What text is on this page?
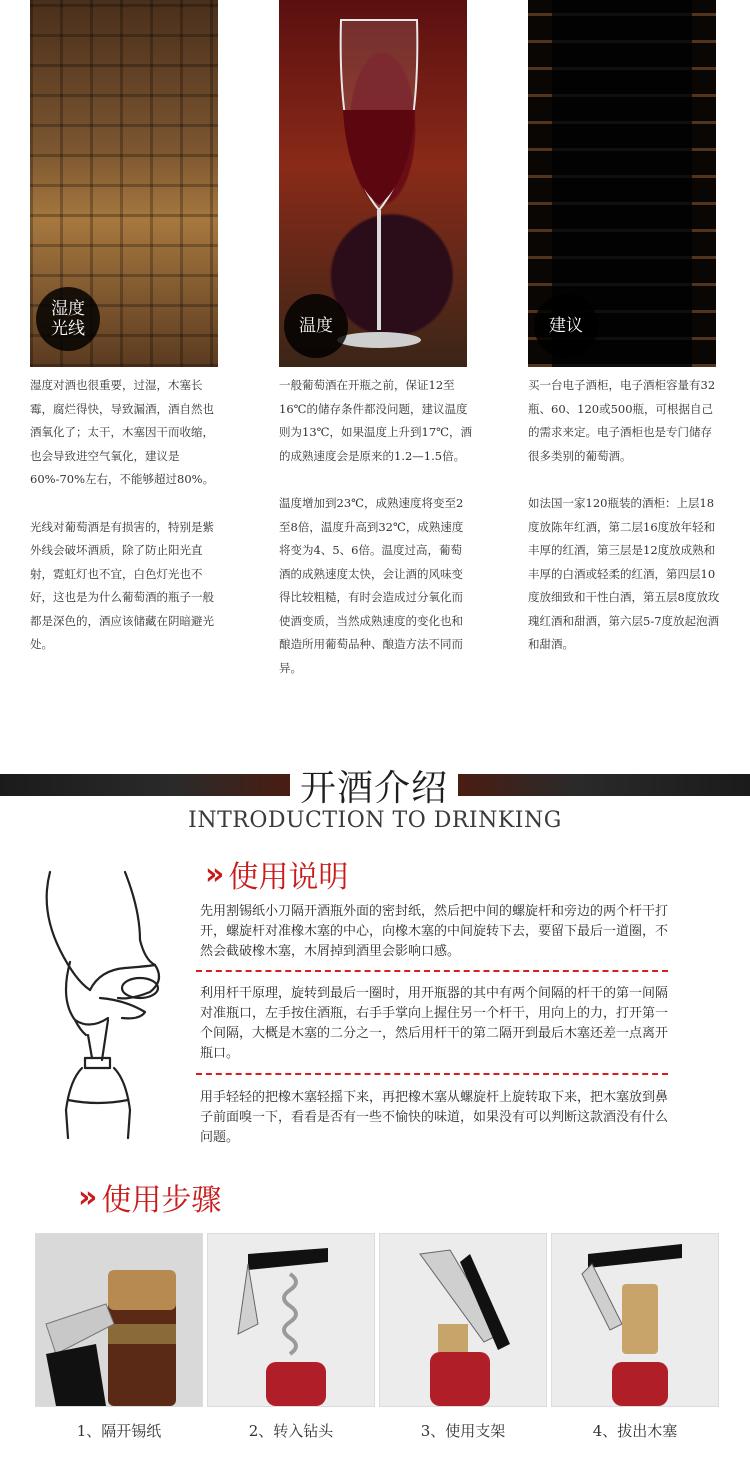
湿度
光线	温度	建议

湿度对酒也很重要，过湿，木塞长霉，腐烂得快，导致漏酒，酒自然也酒氧化了；太干，木塞因干而收缩，也会导致进空气氧化，建议是60%-70%左右，不能够超过80%。

光线对葡萄酒是有损害的，特别是紫外线会破坏酒质，除了防止阳光直射，霓虹灯也不宜，白色灯光也不好，这也是为什么葡萄酒的瓶子一般都是深色的，酒应该储藏在阴暗避光处。

一般葡萄酒在开瓶之前，保证12至16℃的储存条件都没问题，建议温度则为13℃，如果温度上升到17℃，酒的成熟速度会是原来的1.2—1.5倍。

温度增加到23℃，成熟速度将变至2至8倍，温度升高到32℃，成熟速度将变为4、5、6倍。温度过高，葡萄酒的成熟速度太快，会让酒的风味变得比较粗糙，有时会造成过分氧化而使酒变质，当然成熟速度的变化也和酿造所用葡萄品种、酿造方法不同而异。

买一台电子酒柜，电子酒柜容量有32瓶、60、120或500瓶，可根据自己的需求来定。电子酒柜也是专门储存很多类别的葡萄酒。

如法国一家120瓶装的酒柜：上层18度放陈年红酒，第二层16度放年轻和丰厚的红酒，第三层是12度放成熟和丰厚的白酒或轻柔的红酒，第四层10度放细致和干性白酒，第五层8度放玫瑰红酒和甜酒，第六层5-7度放起泡酒和甜酒。

开酒介绍
INTRODUCTION TO DRINKING
» 使用说明
先用割锡纸小刀隔开酒瓶外面的密封纸，然后把中间的螺旋杆和旁边的两个杆干打开，螺旋杆对准橡木塞的中心，向橡木塞的中间旋转下去，要留下最后一道圈，不然会截破橡木塞，木屑掉到酒里会影响口感。
利用杆干原理，旋转到最后一圈时，用开瓶器的其中有两个间隔的杆干的第一间隔对准瓶口，左手按住酒瓶，右手手掌向上握住另一个杆干，用向上的力，打开第一个间隔，大概是木塞的二分之一，然后用杆干的第二隔开到最后木塞还差一点离开瓶口。
用手轻轻的把橡木塞轻摇下来，再把橡木塞从螺旋杆上旋转取下来，把木塞放到鼻子前面嗅一下，看看是否有一些不愉快的味道，如果没有可以判断这款酒没有什么问题。
» 使用步骤
1、隔开锡纸	2、转入钻头	3、使用支架	4、拔出木塞
